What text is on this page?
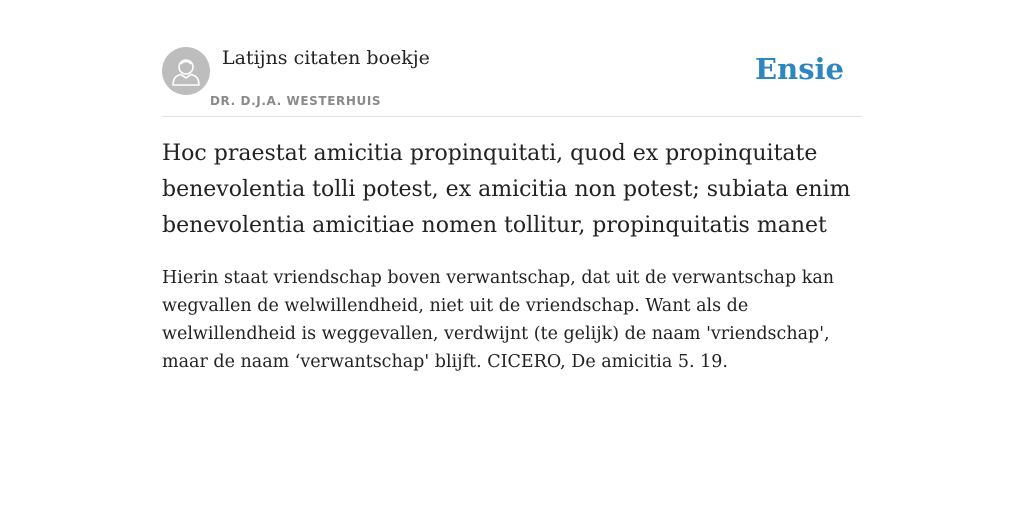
Latijns citaten boekje
DR. D.J.A. WESTERHUIS
Ensie
Hoc praestat amicitia propinquitati, quod ex propinquitate benevolentia tolli potest, ex amicitia non potest; subiata enim benevolentia amicitiae nomen tollitur, propinquitatis manet

Hierin staat vriendschap boven verwantschap, dat uit de verwantschap kan wegvallen de welwillendheid, niet uit de vriendschap. Want als de welwillendheid is weggevallen, verdwijnt (te gelijk) de naam 'vriendschap', maar de naam ‘verwantschap' blijft. CICERO, De amicitia 5. 19.
